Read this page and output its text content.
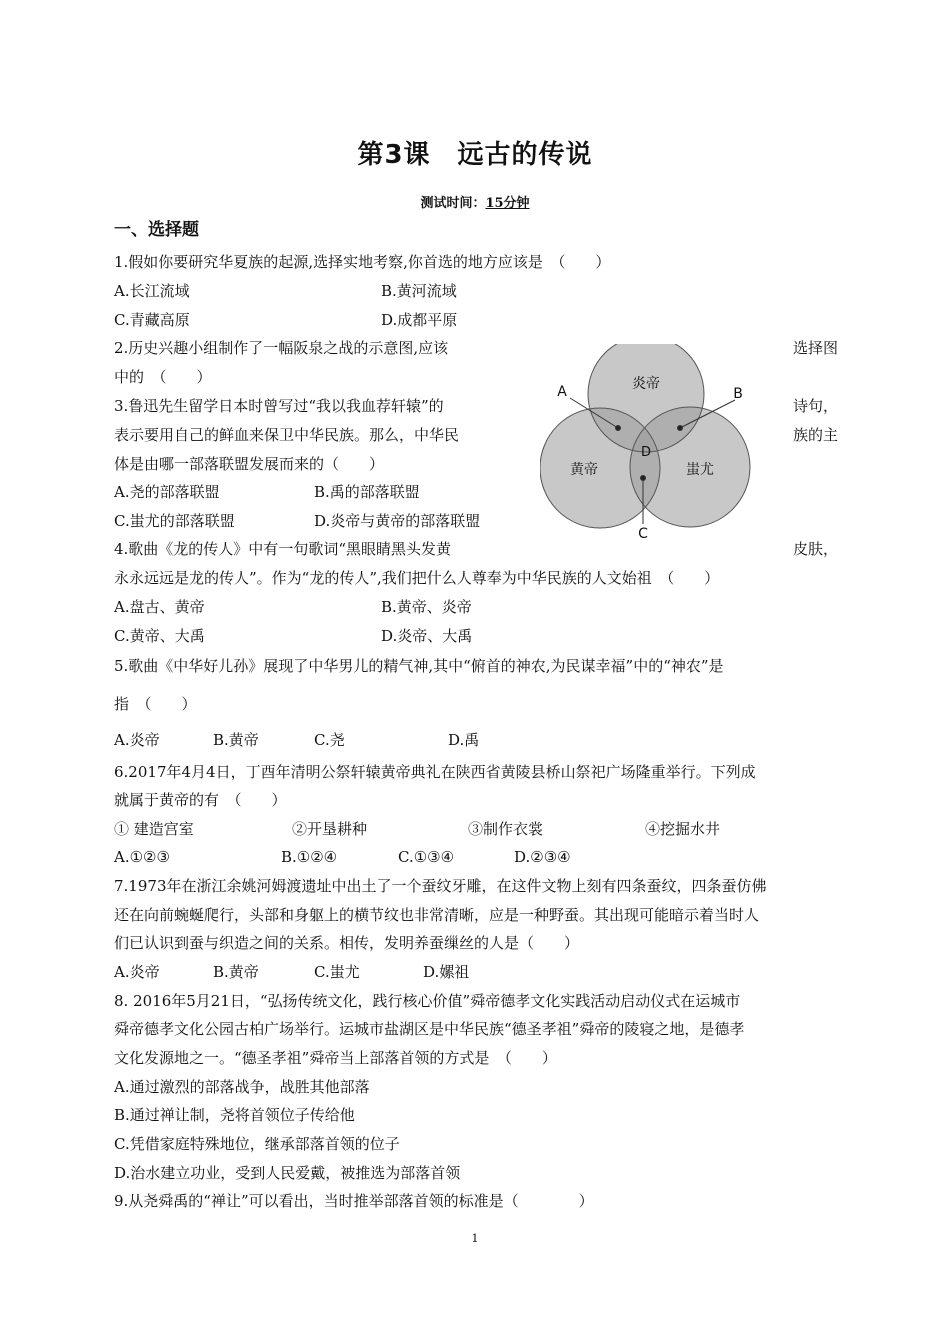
第3课　远古的传说
测试时间：15分钟
一、选择题
1.假如你要研究华夏族的起源,选择实地考察,你首选的地方应该是　（　　）
A.长江流域	B.黄河流域
C.青藏高原	D.成都平原
2.历史兴趣小组制作了一幅阪泉之战的示意图,应该	选择图
中的　（　　）
3.鲁迅先生留学日本时曾写过“我以我血荐轩辕”的	诗句，
表示要用自己的鲜血来保卫中华民族。那么，中华民	族的主
体是由哪一部落联盟发展而来的（　　）
A.尧的部落联盟	B.禹的部落联盟
C.蚩尤的部落联盟	D.炎帝与黄帝的部落联盟
4.歌曲《龙的传人》中有一句歌词“黑眼睛黑头发黄	皮肤，
永永远远是龙的传人”。作为“龙的传人”,我们把什么人尊奉为中华民族的人文始祖　（　　）
A.盘古、黄帝	B.黄帝、炎帝
C.黄帝、大禹	D.炎帝、大禹
5.歌曲《中华好儿孙》展现了中华男儿的精气神,其中“俯首的神农,为民谋幸福”中的“神农”是
指　（　　）
A.炎帝	B.黄帝	C.尧	D.禹
6.2017年4月4日，丁酉年清明公祭轩辕黄帝典礼在陕西省黄陵县桥山祭祀广场隆重举行。下列成
就属于黄帝的有　（　　）
① 建造宫室	②开垦耕种	③制作衣裳	④挖掘水井
A.①②③	B.①②④	C.①③④	D.②③④
7.1973年在浙江余姚河姆渡遗址中出土了一个蚕纹牙雕，在这件文物上刻有四条蚕纹，四条蚕仿佛
还在向前蜿蜒爬行，头部和身躯上的横节纹也非常清晰，应是一种野蚕。其出现可能暗示着当时人
们已认识到蚕与织造之间的关系。相传，发明养蚕缫丝的人是（　　）
A.炎帝	B.黄帝	C.蚩尤	D.嫘祖
8. 2016年5月21日，“弘扬传统文化，践行核心价值”舜帝德孝文化实践活动启动仪式在运城市
舜帝德孝文化公园古柏广场举行。运城市盐湖区是中华民族“德圣孝祖”舜帝的陵寝之地，是德孝
文化发源地之一。“德圣孝祖”舜帝当上部落首领的方式是　（　　）
A.通过激烈的部落战争，战胜其他部落
B.通过禅让制，尧将首领位子传给他
C.凭借家庭特殊地位，继承部落首领的位子
D.治水建立功业，受到人民爱戴，被推选为部落首领
9.从尧舜禹的“禅让”可以看出，当时推举部落首领的标准是（　　　　）
炎帝
黄帝	蚩尤
A	B
D
C
1
